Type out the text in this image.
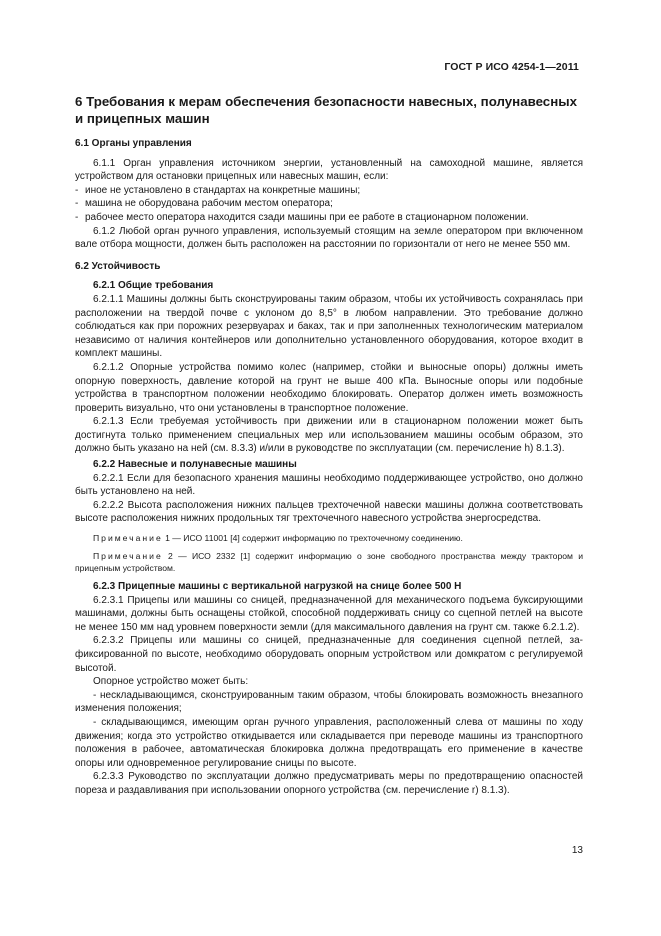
ГОСТ Р ИСО 4254-1—2011
6 Требования к мерам обеспечения безопасности навесных, полунавесных и прицепных машин
6.1 Органы управления

6.1.1 Орган управления источником энергии, установленный на самоходной машине, является устройством для остановки прицепных или навесных машин, если:

- иное не установлено в стандартах на конкретные машины;

- машина не оборудована рабочим местом оператора;

- рабочее место оператора находится сзади машины при ее работе в стационарном положении.

6.1.2 Любой орган ручного управления, используемый стоящим на земле оператором при включенном вале отбора мощности, должен быть расположен на расстоянии по горизонтали от него не менее 550 мм.

6.2 Устойчивость
6.2.1 Общие требования

6.2.1.1 Машины должны быть сконструированы таким образом, чтобы их устойчивость сохранялась при расположении на твердой почве с уклоном до 8,5° в любом направлении. Это требование должно соблюдаться как при порожних резервуарах и баках, так и при заполненных технологическим материалом независимо от наличия контейнеров или дополнительно установленного оборудования, которое входит в комплект машины.

6.2.1.2 Опорные устройства помимо колес (например, стойки и выносные опоры) должны иметь опорную поверхность, давление которой на грунт не выше 400 кПа. Выносные опоры или подобные устройства в транспортном положении необходимо блокировать. Оператор должен иметь возможность проверить визуально, что они установлены в транспортное положение.

6.2.1.3 Если требуемая устойчивость при движении или в стационарном положении может быть достигнута только применением специальных мер или использованием машины особым образом, это должно быть указано на ней (см. 8.3.3) и/или в руководстве по эксплуатации (см. перечисление h) 8.1.3).

6.2.2 Навесные и полунавесные машины

6.2.2.1 Если для безопасного хранения машины необходимо поддерживающее устройство, оно должно быть установлено на ней.

6.2.2.2 Высота расположения нижних пальцев трехточечной навески машины должна соответствовать высоте расположения нижних продольных тяг трехточечного навесного устройства энергосредства.

Примечание 1 — ИСО 11001 [4] содержит информацию по трехточечному соединению.

Примечание 2 — ИСО 2332 [1] содержит информацию о зоне свободного пространства между трактором и прицепным устройством.

6.2.3 Прицепные машины с вертикальной нагрузкой на снице более 500 Н

6.2.3.1 Прицепы или машины со сницей, предназначенной для механического подъема буксирующими машинами, должны быть оснащены стойкой, способной поддерживать сницу со сцепной петлей на высоте не менее 150 мм над уровнем поверхности земли (для максимального давления на грунт см. также 6.2.1.2).

6.2.3.2 Прицепы или машины со сницей, предназначенные для соединения сцепной петлей, зафиксированной по высоте, необходимо оборудовать опорным устройством или домкратом с регулируемой высотой.

Опорное устройство может быть:

- нескладывающимся, сконструированным таким образом, чтобы блокировать возможность внезапного изменения положения;

- складывающимся, имеющим орган ручного управления, расположенный слева от машины по ходу движения; когда это устройство откидывается или складывается при переводе машины из транспортного положения в рабочее, автоматическая блокировка должна предотвращать его применение в качестве опоры или одновременное регулирование сницы по высоте.

6.2.3.3 Руководство по эксплуатации должно предусматривать меры по предотвращению опасностей пореза и раздавливания при использовании опорного устройства (см. перечисление r) 8.1.3).

13
